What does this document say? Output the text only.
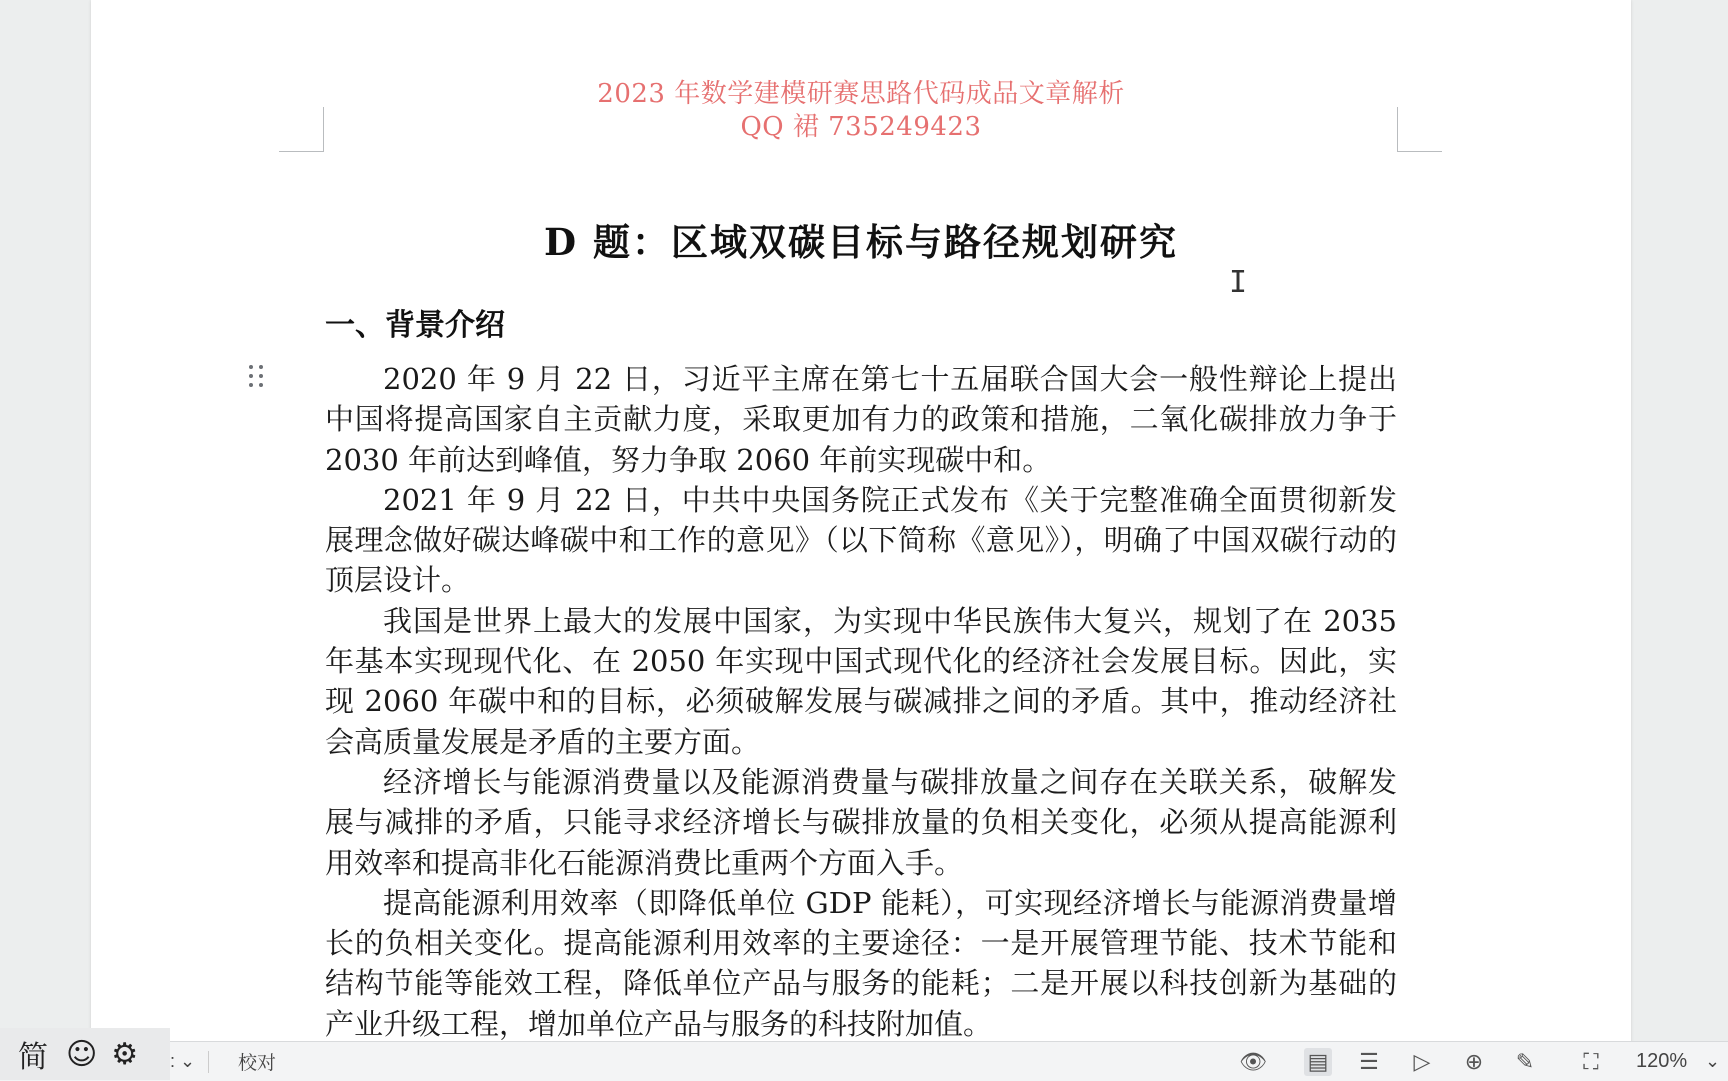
2023 年数学建模研赛思路代码成品文章解析
QQ 裙 735249423
D 题：区域双碳目标与路径规划研究
I
一、背景介绍

2020 年 9 月 22 日，习近平主席在第七十五届联合国大会一般性辩论上提出中国将提高国家自主贡献力度，采取更加有力的政策和措施，二氧化碳排放力争于 2030 年前达到峰值，努力争取 2060 年前实现碳中和。

2021 年 9 月 22 日，中共中央国务院正式发布《关于完整准确全面贯彻新发展理念做好碳达峰碳中和工作的意见》（以下简称《意见》），明确了中国双碳行动的顶层设计。

我国是世界上最大的发展中国家，为实现中华民族伟大复兴，规划了在 2035 年基本实现现代化、在 2050 年实现中国式现代化的经济社会发展目标。因此，实现 2060 年碳中和的目标，必须破解发展与碳减排之间的矛盾。其中，推动经济社会高质量发展是矛盾的主要方面。

经济增长与能源消费量以及能源消费量与碳排放量之间存在关联关系，破解发展与减排的矛盾，只能寻求经济增长与碳排放量的负相关变化，必须从提高能源利用效率和提高非化石能源消费比重两个方面入手。

提高能源利用效率（即降低单位 GDP 能耗），可实现经济增长与能源消费量增长的负相关变化。提高能源利用效率的主要途径：一是开展管理节能、技术节能和结构节能等能效工程，降低单位产品与服务的能耗；二是开展以科技创新为基础的产业升级工程，增加单位产品与服务的科技附加值。

: ⌄ 校对	👁 ▤ ☰ ▷ ⊕ ✎ ⛶	120% ⌄
简 ☺ ⚙
